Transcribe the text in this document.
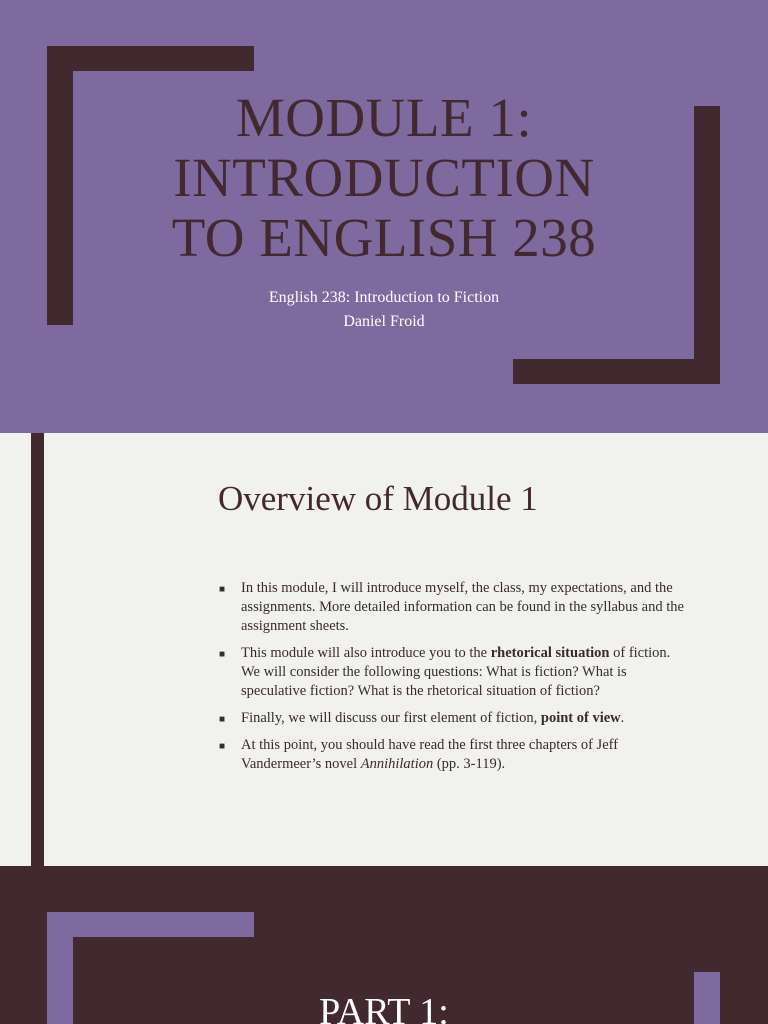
MODULE 1:
INTRODUCTION
TO ENGLISH 238
English 238: Introduction to Fiction
Daniel Froid
Overview of Module 1
■ In this module, I will introduce myself, the class, my expectations, and the assignments. More detailed information can be found in the syllabus and the assignment sheets.
■ This module will also introduce you to the rhetorical situation of fiction. We will consider the following questions: What is fiction? What is speculative fiction? What is the rhetorical situation of fiction?
■ Finally, we will discuss our first element of fiction, point of view.
■ At this point, you should have read the first three chapters of Jeff Vandermeer’s novel Annihilation (pp. 3-119).
PART 1:
